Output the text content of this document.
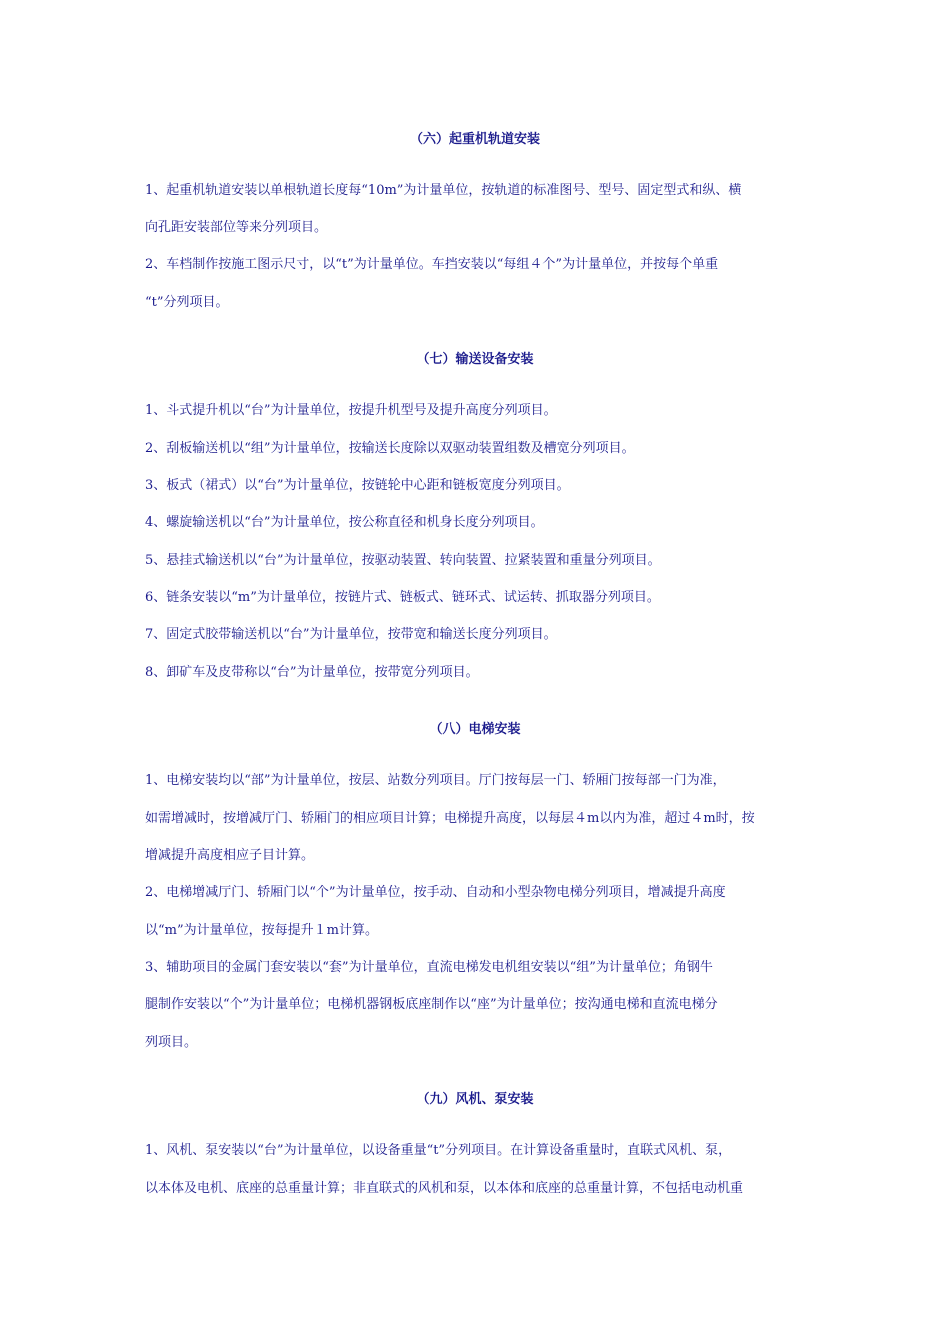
（六）起重机轨道安装
1、起重机轨道安装以单根轨道长度每“10m”为计量单位，按轨道的标准图号、型号、固定型式和纵、横
向孔距安装部位等来分列项目。
2、车档制作按施工图示尺寸，以“t”为计量单位。车挡安装以“每组４个”为计量单位，并按每个单重
“t”分列项目。
（七）输送设备安装
1、斗式提升机以“台”为计量单位，按提升机型号及提升高度分列项目。
2、刮板输送机以“组”为计量单位，按输送长度除以双驱动装置组数及槽宽分列项目。
3、板式（裙式）以“台”为计量单位，按链轮中心距和链板宽度分列项目。
4、螺旋输送机以“台”为计量单位，按公称直径和机身长度分列项目。
5、悬挂式输送机以“台”为计量单位，按驱动装置、转向装置、拉紧装置和重量分列项目。
6、链条安装以“m”为计量单位，按链片式、链板式、链环式、试运转、抓取器分列项目。
7、固定式胶带输送机以“台”为计量单位，按带宽和输送长度分列项目。
8、卸矿车及皮带称以“台”为计量单位，按带宽分列项目。
（八）电梯安装
1、电梯安装均以“部”为计量单位，按层、站数分列项目。厅门按每层一门、轿厢门按每部一门为准，
如需增减时，按增减厅门、轿厢门的相应项目计算；电梯提升高度，以每层４m以内为准，超过４m时，按
增减提升高度相应子目计算。
2、电梯增减厅门、轿厢门以“个”为计量单位，按手动、自动和小型杂物电梯分列项目，增减提升高度
以“m”为计量单位，按每提升１m计算。
3、辅助项目的金属门套安装以“套”为计量单位，直流电梯发电机组安装以“组”为计量单位；角钢牛
腿制作安装以“个”为计量单位；电梯机器钢板底座制作以“座”为计量单位；按沟通电梯和直流电梯分
列项目。
（九）风机、泵安装
1、风机、泵安装以“台”为计量单位，以设备重量“t”分列项目。在计算设备重量时，直联式风机、泵，
以本体及电机、底座的总重量计算；非直联式的风机和泵，以本体和底座的总重量计算，不包括电动机重
